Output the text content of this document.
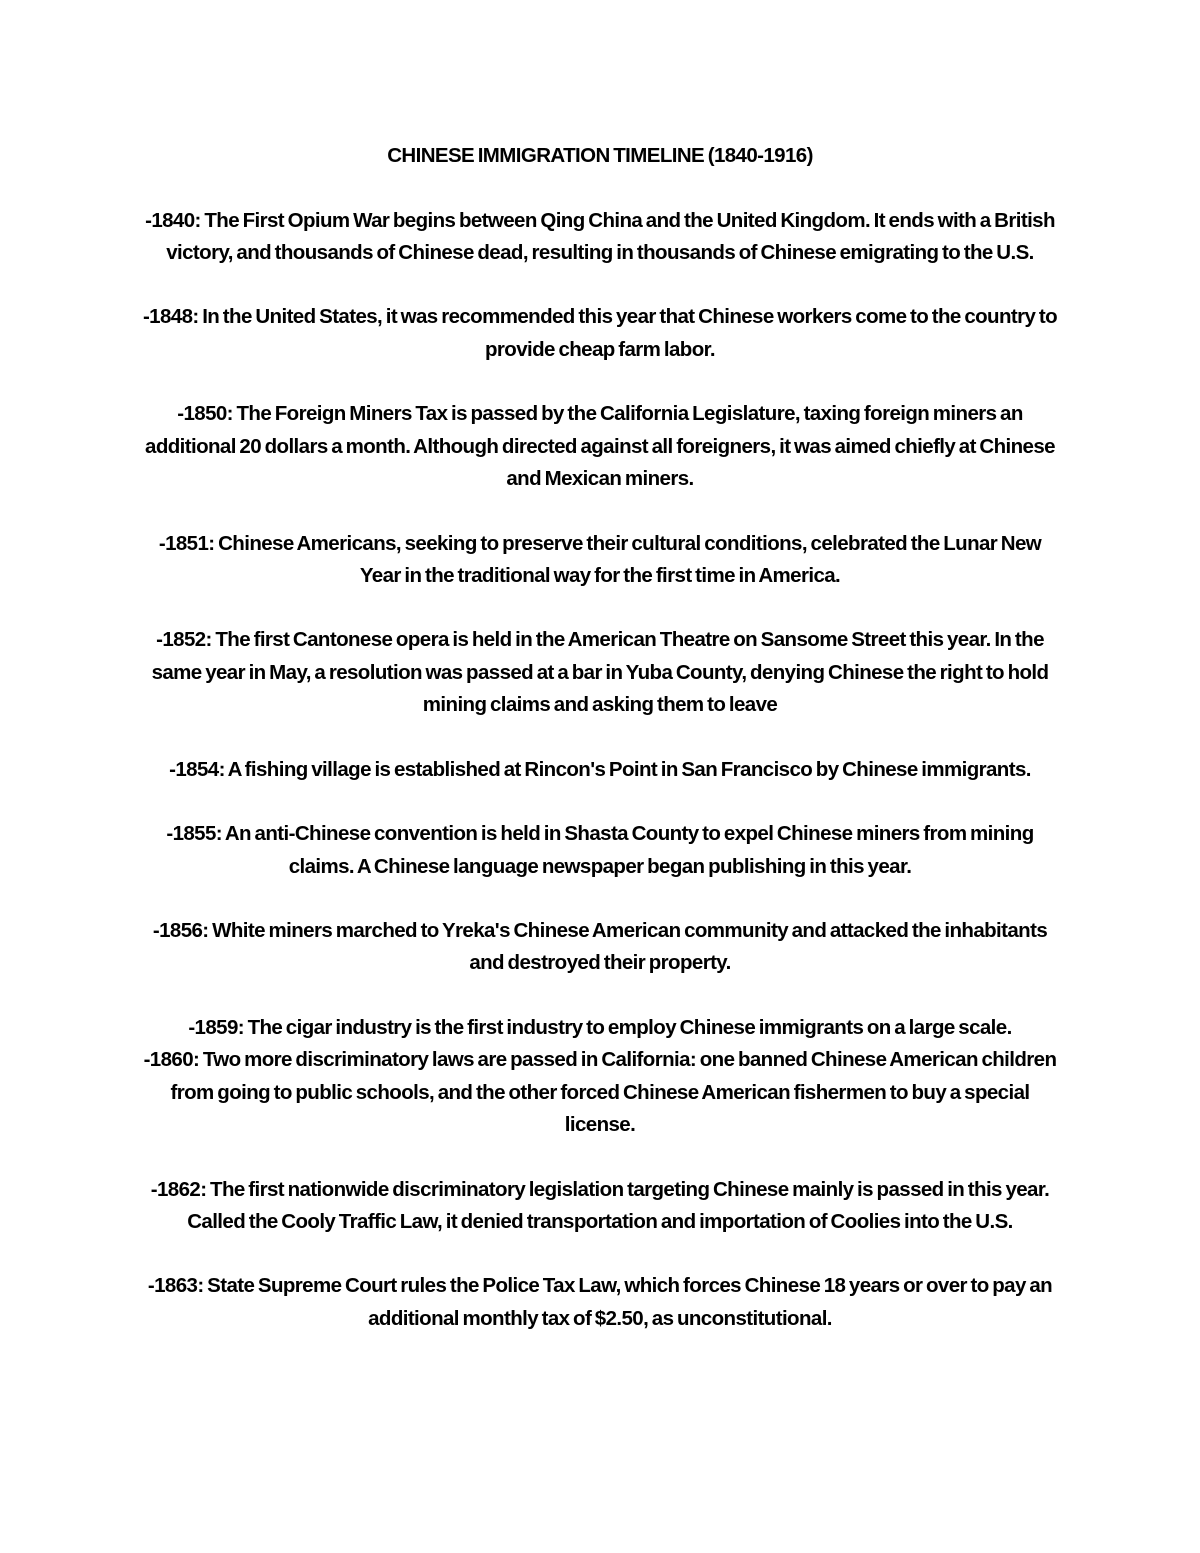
CHINESE IMMIGRATION TIMELINE (1840-1916)

-1840: The First Opium War begins between Qing China and the United Kingdom. It ends with a British victory, and thousands of Chinese dead, resulting in thousands of Chinese emigrating to the U.S.

-1848: In the United States, it was recommended this year that Chinese workers come to the country to provide cheap farm labor.

-1850: The Foreign Miners Tax is passed by the California Legislature, taxing foreign miners an additional 20 dollars a month. Although directed against all foreigners, it was aimed chiefly at Chinese and Mexican miners.

-1851: Chinese Americans, seeking to preserve their cultural conditions, celebrated the Lunar New Year in the traditional way for the first time in America.

-1852: The first Cantonese opera is held in the American Theatre on Sansome Street this year. In the same year in May, a resolution was passed at a bar in Yuba County, denying Chinese the right to hold mining claims and asking them to leave

-1854: A fishing village is established at Rincon's Point in San Francisco by Chinese immigrants.

-1855: An anti-Chinese convention is held in Shasta County to expel Chinese miners from mining claims. A Chinese language newspaper began publishing in this year.

-1856: White miners marched to Yreka's Chinese American community and attacked the inhabitants and destroyed their property.

-1859: The cigar industry is the first industry to employ Chinese immigrants on a large scale.

-1860: Two more discriminatory laws are passed in California: one banned Chinese American children from going to public schools, and the other forced Chinese American fishermen to buy a special license.

-1862: The first nationwide discriminatory legislation targeting Chinese mainly is passed in this year. Called the Cooly Traffic Law, it denied transportation and importation of Coolies into the U.S.

-1863: State Supreme Court rules the Police Tax Law, which forces Chinese 18 years or over to pay an additional monthly tax of $2.50, as unconstitutional.
